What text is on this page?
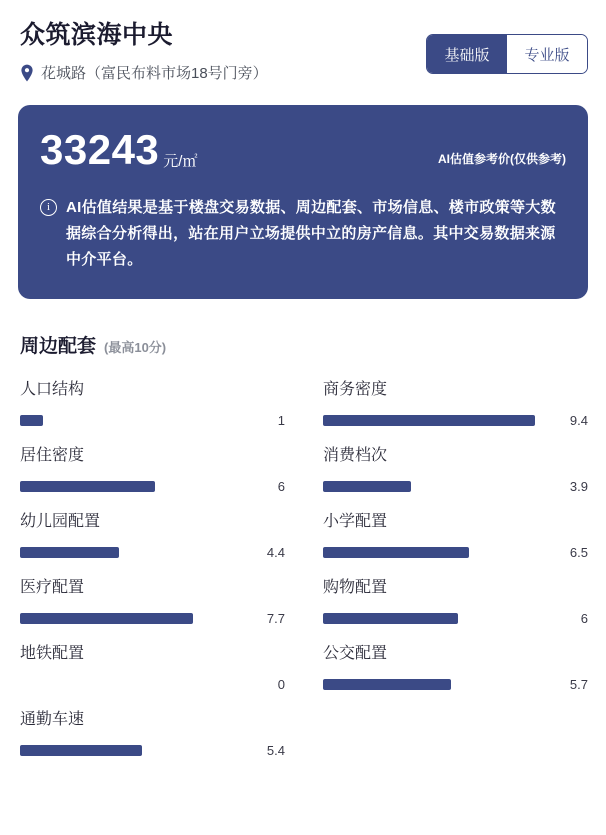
众筑滨海中央
花城路（富民布料市场18号门旁）
基础版	专业版
33243 元/㎡	AI估值参考价(仅供参考)
i	AI估值结果是基于楼盘交易数据、周边配套、市场信息、楼市政策等大数据综合分析得出，站在用户立场提供中立的房产信息。其中交易数据来源中介平台。
周边配套 (最高10分)
人口结构
1
商务密度
9.4
居住密度
6
消费档次
3.9
幼儿园配置
4.4
小学配置
6.5
医疗配置
7.7
购物配置
6
地铁配置
0
公交配置
5.7
通勤车速
5.4
